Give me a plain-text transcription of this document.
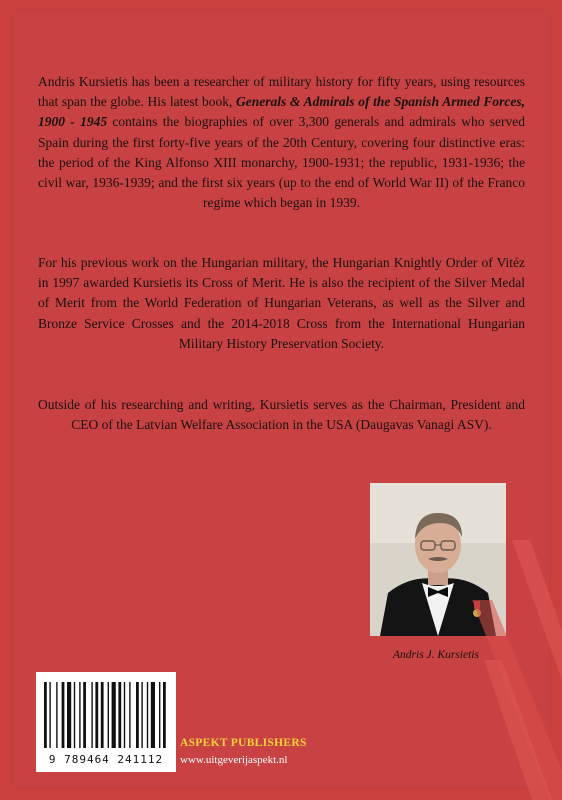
Andris Kursietis has been a researcher of military history for fifty years, using resources that span the globe. His latest book, Generals & Admirals of the Spanish Armed Forces, 1900 - 1945 contains the biographies of over 3,300 generals and admirals who served Spain during the first forty-five years of the 20th Century, covering four distinctive eras: the period of the King Alfonso XIII monarchy, 1900-1931; the republic, 1931-1936; the civil war, 1936-1939; and the first six years (up to the end of World War II) of the Franco regime which began in 1939.
For his previous work on the Hungarian military, the Hungarian Knightly Order of Vitéz in 1997 awarded Kursietis its Cross of Merit. He is also the recipient of the Silver Medal of Merit from the World Federation of Hungarian Veterans, as well as the Silver and Bronze Service Crosses and the 2014-2018 Cross from the International Hungarian Military History Preservation Society.
Outside of his researching and writing, Kursietis serves as the Chairman, President and CEO of the Latvian Welfare Association in the USA (Daugavas Vanagi ASV).
Andris J. Kursietis
9 789464 241112
ASPEKT PUBLISHERS
www.uitgeverijaspekt.nl
